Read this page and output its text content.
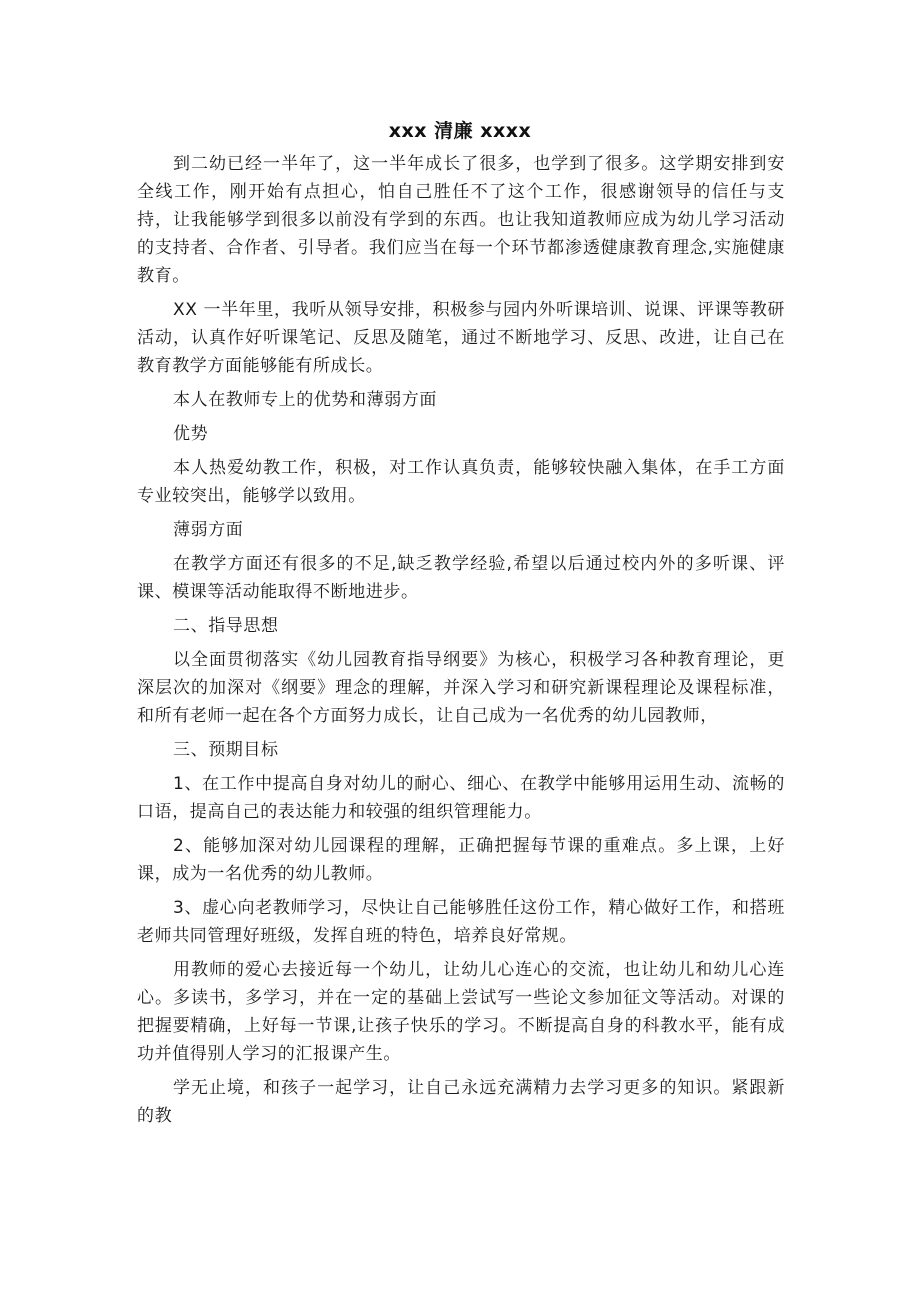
xxx 清廉 xxxx

到二幼已经一半年了，这一半年成长了很多，也学到了很多。这学期安排到安全线工作，刚开始有点担心，怕自己胜任不了这个工作，很感谢领导的信任与支持，让我能够学到很多以前没有学到的东西。也让我知道教师应成为幼儿学习活动的支持者、合作者、引导者。我们应当在每一个环节都渗透健康教育理念,实施健康教育。

XX 一半年里，我听从领导安排，积极参与园内外听课培训、说课、评课等教研活动，认真作好听课笔记、反思及随笔，通过不断地学习、反思、改进，让自己在教育教学方面能够能有所成长。

本人在教师专上的优势和薄弱方面

优势

本人热爱幼教工作，积极，对工作认真负责，能够较快融入集体，在手工方面专业较突出，能够学以致用。

薄弱方面

在教学方面还有很多的不足,缺乏教学经验,希望以后通过校内外的多听课、评课、模课等活动能取得不断地进步。

二、指导思想

以全面贯彻落实《幼儿园教育指导纲要》为核心，积极学习各种教育理论，更深层次的加深对《纲要》理念的理解，并深入学习和研究新课程理论及课程标准，和所有老师一起在各个方面努力成长，让自己成为一名优秀的幼儿园教师，

三、预期目标

1、在工作中提高自身对幼儿的耐心、细心、在教学中能够用运用生动、流畅的口语，提高自己的表达能力和较强的组织管理能力。

2、能够加深对幼儿园课程的理解，正确把握每节课的重难点。多上课，上好课，成为一名优秀的幼儿教师。

3、虚心向老教师学习，尽快让自己能够胜任这份工作，精心做好工作，和搭班老师共同管理好班级，发挥自班的特色，培养良好常规。

用教师的爱心去接近每一个幼儿，让幼儿心连心的交流，也让幼儿和幼儿心连心。多读书，多学习，并在一定的基础上尝试写一些论文参加征文等活动。对课的把握要精确，上好每一节课,让孩子快乐的学习。不断提高自身的科教水平，能有成功并值得别人学习的汇报课产生。

学无止境，和孩子一起学习，让自己永远充满精力去学习更多的知识。紧跟新的教
